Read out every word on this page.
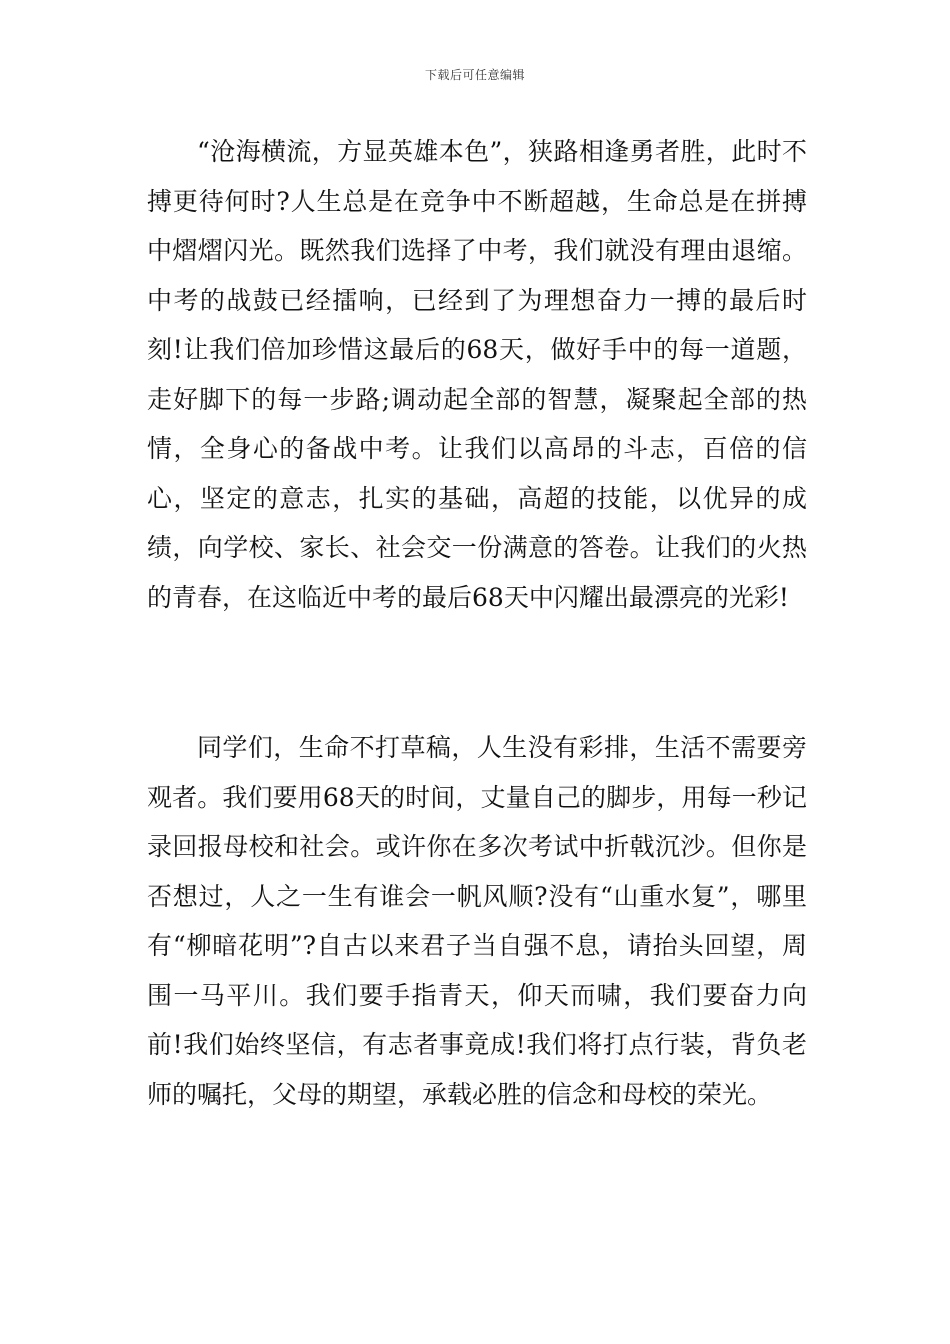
下载后可任意编辑

“沧海横流，方显英雄本色”，狭路相逢勇者胜，此时不搏更待何时?人生总是在竞争中不断超越，生命总是在拼搏中熠熠闪光。既然我们选择了中考，我们就没有理由退缩。中考的战鼓已经擂响，已经到了为理想奋力一搏的最后时刻!让我们倍加珍惜这最后的68天，做好手中的每一道题，走好脚下的每一步路;调动起全部的智慧，凝聚起全部的热情，全身心的备战中考。让我们以高昂的斗志，百倍的信心，坚定的意志，扎实的基础，高超的技能，以优异的成绩，向学校、家长、社会交一份满意的答卷。让我们的火热的青春，在这临近中考的最后68天中闪耀出最漂亮的光彩!

同学们，生命不打草稿，人生没有彩排，生活不需要旁观者。我们要用68天的时间，丈量自己的脚步，用每一秒记录回报母校和社会。或许你在多次考试中折戟沉沙。但你是否想过，人之一生有谁会一帆风顺?没有“山重水复”，哪里有“柳暗花明”?自古以来君子当自强不息，请抬头回望，周围一马平川。我们要手指青天，仰天而啸，我们要奋力向前!我们始终坚信，有志者事竟成!我们将打点行装，背负老师的嘱托，父母的期望，承载必胜的信念和母校的荣光。
